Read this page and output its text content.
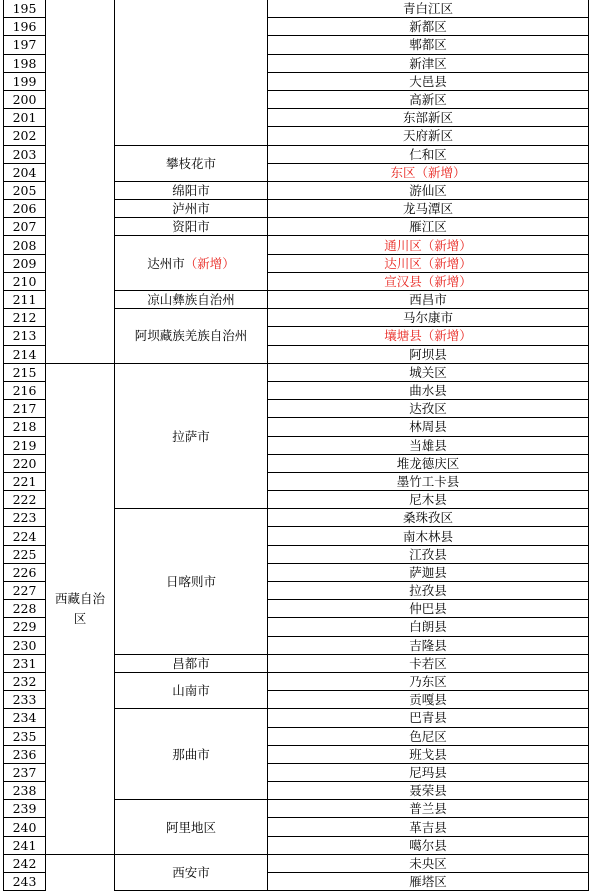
195			青白江区
196			新都区
197			郫都区
198			新津区
199			大邑县
200			高新区
201			东部新区
202			天府新区
203		攀枝花市	仁和区
204			东区（新增）
205		绵阳市	游仙区
206		泸州市	龙马潭区
207		资阳市	雁江区
208		达州市（新增）	通川区（新增）
209			达川区（新增）
210			宣汉县（新增）
211		凉山彝族自治州	西昌市
212		阿坝藏族羌族自治州	马尔康市
213			壤塘县（新增）
214			阿坝县
215	西藏自治区	拉萨市	城关区
216			曲水县
217			达孜区
218			林周县
219			当雄县
220			堆龙德庆区
221			墨竹工卡县
222			尼木县
223		日喀则市	桑珠孜区
224			南木林县
225			江孜县
226			萨迦县
227			拉孜县
228			仲巴县
229			白朗县
230			吉隆县
231		昌都市	卡若区
232		山南市	乃东区
233			贡嘎县
234		那曲市	巴青县
235			色尼区
236			班戈县
237			尼玛县
238			聂荣县
239		阿里地区	普兰县
240			革吉县
241			噶尔县
242		西安市	未央区
243			雁塔区
